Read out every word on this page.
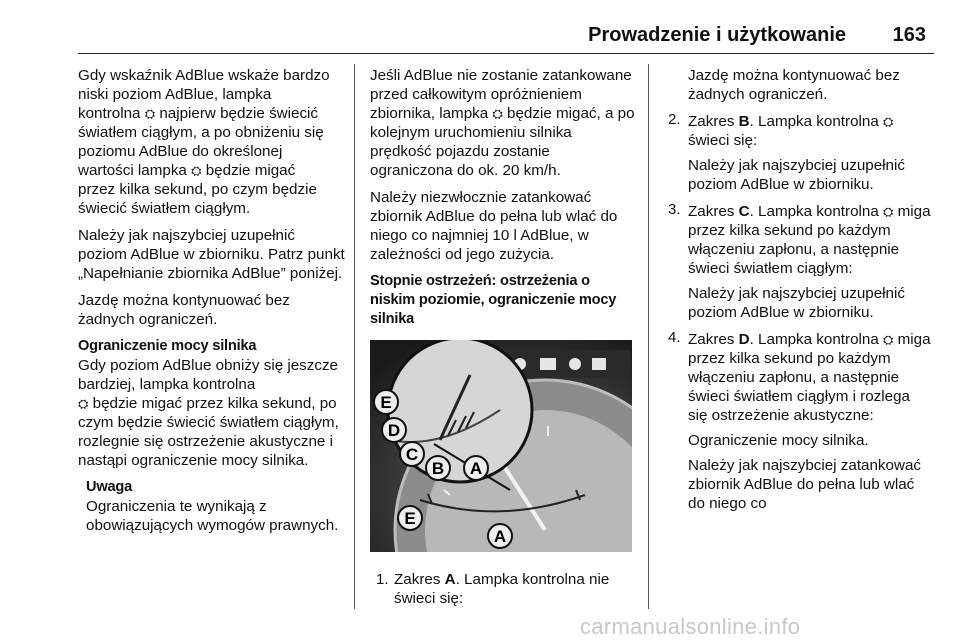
Prowadzenie i użytkowanie 163

Gdy wskaźnik AdBlue wskaże bardzo
niski poziom AdBlue, lampka
kontrolna ⛭ najpierw będzie świecić
światłem ciągłym, a po obniżeniu się
poziomu AdBlue do określonej
wartości lampka ⛭ będzie migać
przez kilka sekund, po czym będzie
świecić światłem ciągłym.

Należy jak najszybciej uzupełnić poziom AdBlue w zbiorniku. Patrz punkt „Napełnianie zbiornika AdBlue” poniżej.

Jazdę można kontynuować bez żadnych ograniczeń.

Ograniczenie mocy silnika

Gdy poziom AdBlue obniży się jeszcze bardziej, lampka kontrolna
⛭ będzie migać przez kilka sekund, po czym będzie świecić światłem ciągłym, rozlegnie się ostrzeżenie akustyczne i nastąpi ograniczenie mocy silnika.

Uwaga
Ograniczenia te wynikają z obowiązujących wymogów prawnych.

Jeśli AdBlue nie zostanie zatankowane przed całkowitym opróżnieniem zbiornika, lampka ⛭ będzie migać, a po kolejnym uruchomieniu silnika prędkość pojazdu zostanie ograniczona do ok. 20 km/h.

Należy niezwłocznie zatankować zbiornik AdBlue do pełna lub wlać do niego co najmniej 10 l AdBlue, w zależności od jego zużycia.

Stopnie ostrzeżeń: ostrzeżenia o niskim poziomie, ograniczenie mocy silnika
E
D
C
B A
E
A
1. Zakres A. Lampka kontrolna nie świeci się:

Jazdę można kontynuować bez żadnych ograniczeń.

2. Zakres B. Lampka kontrolna ⛭ świeci się:

Należy jak najszybciej uzupełnić poziom AdBlue w zbiorniku.

3. Zakres C. Lampka kontrolna ⛭ miga przez kilka sekund po każdym włączeniu zapłonu, a następnie świeci światłem ciągłym:

Należy jak najszybciej uzupełnić poziom AdBlue w zbiorniku.

4. Zakres D. Lampka kontrolna ⛭ miga przez kilka sekund po każdym włączeniu zapłonu, a następnie świeci światłem ciągłym i rozlega się ostrzeżenie akustyczne:

Ograniczenie mocy silnika.

Należy jak najszybciej zatankować zbiornik AdBlue do pełna lub wlać do niego co

carmanualsonline.info
